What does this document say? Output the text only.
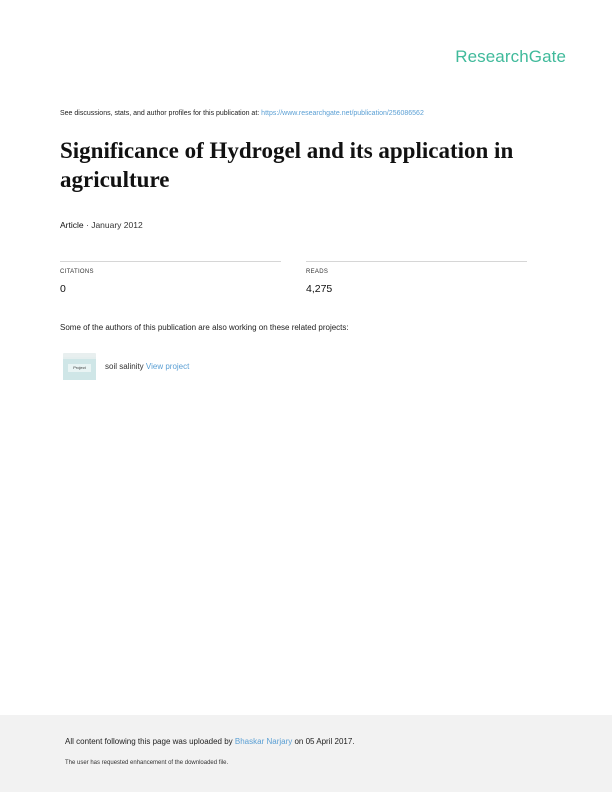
ResearchGate
See discussions, stats, and author profiles for this publication at: https://www.researchgate.net/publication/256086562
Significance of Hydrogel and its application in agriculture
Article · January 2012
CITATIONS
0
READS
4,275
Some of the authors of this publication are also working on these related projects:
Project	soil salinity View project
All content following this page was uploaded by Bhaskar Narjary on 05 April 2017.
The user has requested enhancement of the downloaded file.
